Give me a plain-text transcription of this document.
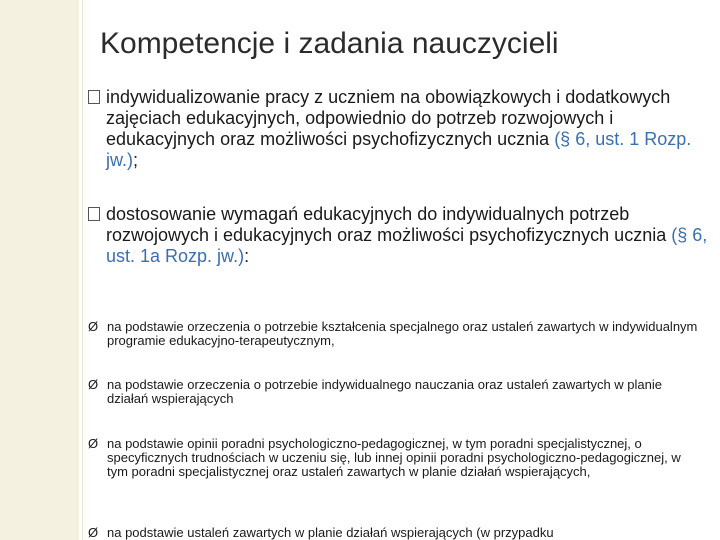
Kompetencje i zadania nauczycieli
indywidualizowanie pracy z uczniem na obowiązkowych i dodatkowych zajęciach edukacyjnych, odpowiednio do potrzeb rozwojowych i edukacyjnych oraz możliwości psychofizycznych ucznia (§ 6, ust. 1 Rozp. jw.);
dostosowanie wymagań edukacyjnych do indywidualnych potrzeb rozwojowych i edukacyjnych oraz możliwości psychofizycznych ucznia (§ 6, ust. 1a Rozp. jw.):
Ø na podstawie orzeczenia o potrzebie kształcenia specjalnego oraz ustaleń zawartych w indywidualnym programie edukacyjno-terapeutycznym,
Ø na podstawie orzeczenia o potrzebie indywidualnego nauczania oraz ustaleń zawartych w planie działań wspierających
Ø na podstawie opinii poradni psychologiczno-pedagogicznej, w tym poradni specjalistycznej, o specyficznych trudnościach w uczeniu się, lub innej opinii poradni psychologiczno-pedagogicznej, w tym poradni specjalistycznej oraz ustaleń zawartych w planie działań wspierających,
Ø na podstawie ustaleń zawartych w planie działań wspierających (w przypadku
